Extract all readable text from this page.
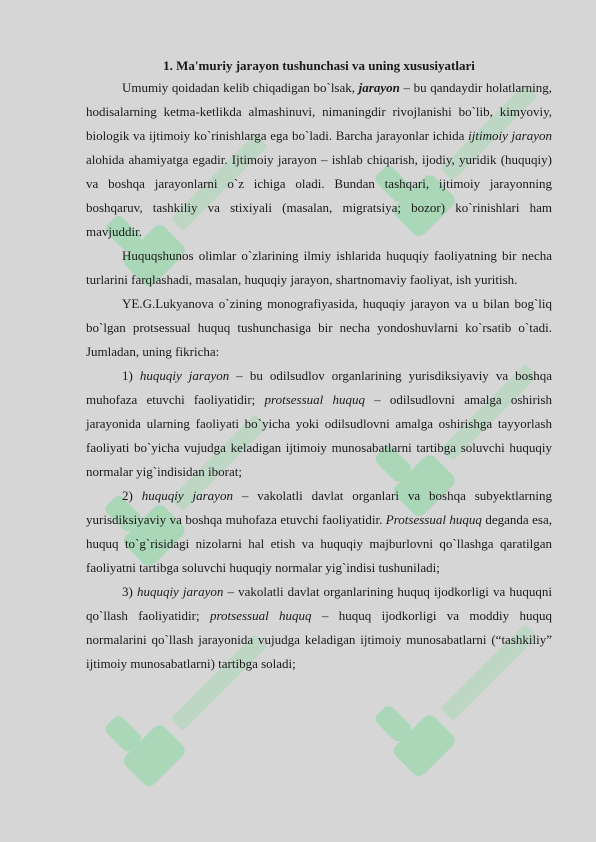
1. Ma'muriy jarayon tushunchasi va uning xususiyatlari

Umumiy qoidadan kelib chiqadigan bo`lsak, jarayon – bu qandaydir holatlarning, hodisalarning ketma-ketlikda almashinuvi, nimaningdir rivojlanishi bo`lib, kimyoviy, biologik va ijtimoiy ko`rinishlarga ega bo`ladi. Barcha jarayonlar ichida ijtimoiy jarayon alohida ahamiyatga egadir. Ijtimoiy jarayon – ishlab chiqarish, ijodiy, yuridik (huquqiy) va boshqa jarayonlarni o`z ichiga oladi. Bundan tashqari, ijtimoiy jarayonning boshqaruv, tashkiliy va stixiyali (masalan, migratsiya; bozor) ko`rinishlari ham mavjuddir.

Huquqshunos olimlar o`zlarining ilmiy ishlarida huquqiy faoliyatning bir necha turlarini farqlashadi, masalan, huquqiy jarayon, shartnomaviy faoliyat, ish yuritish.

YE.G.Lukyanova o`zining monografiyasida, huquqiy jarayon va u bilan bog`liq bo`lgan protsessual huquq tushunchasiga bir necha yondoshuvlarni ko`rsatib o`tadi. Jumladan, uning fikricha:

1) huquqiy jarayon – bu odilsudlov organlarining yurisdiksiyaviy va boshqa muhofaza etuvchi faoliyatidir; protsessual huquq – odilsudlovni amalga oshirish jarayonida ularning faoliyati bo`yicha yoki odilsudlovni amalga oshirishga tayyorlash faoliyati bo`yicha vujudga keladigan ijtimoiy munosabatlarni tartibga soluvchi huquqiy normalar yig`indisidan iborat;

2) huquqiy jarayon – vakolatli davlat organlari va boshqa subyektlarning yurisdiksiyaviy va boshqa muhofaza etuvchi faoliyatidir. Protsessual huquq deganda esa, huquq to`g`risidagi nizolarni hal etish va huquqiy majburlovni qo`llashga qaratilgan faoliyatni tartibga soluvchi huquqiy normalar yig`indisi tushuniladi;

3) huquqiy jarayon – vakolatli davlat organlarining huquq ijodkorligi va huquqni qo`llash faoliyatidir; protsessual huquq – huquq ijodkorligi va moddiy huquq normalarini qo`llash jarayonida vujudga keladigan ijtimoiy munosabatlarni (“tashkiliy” ijtimoiy munosabatlarni) tartibga soladi;
